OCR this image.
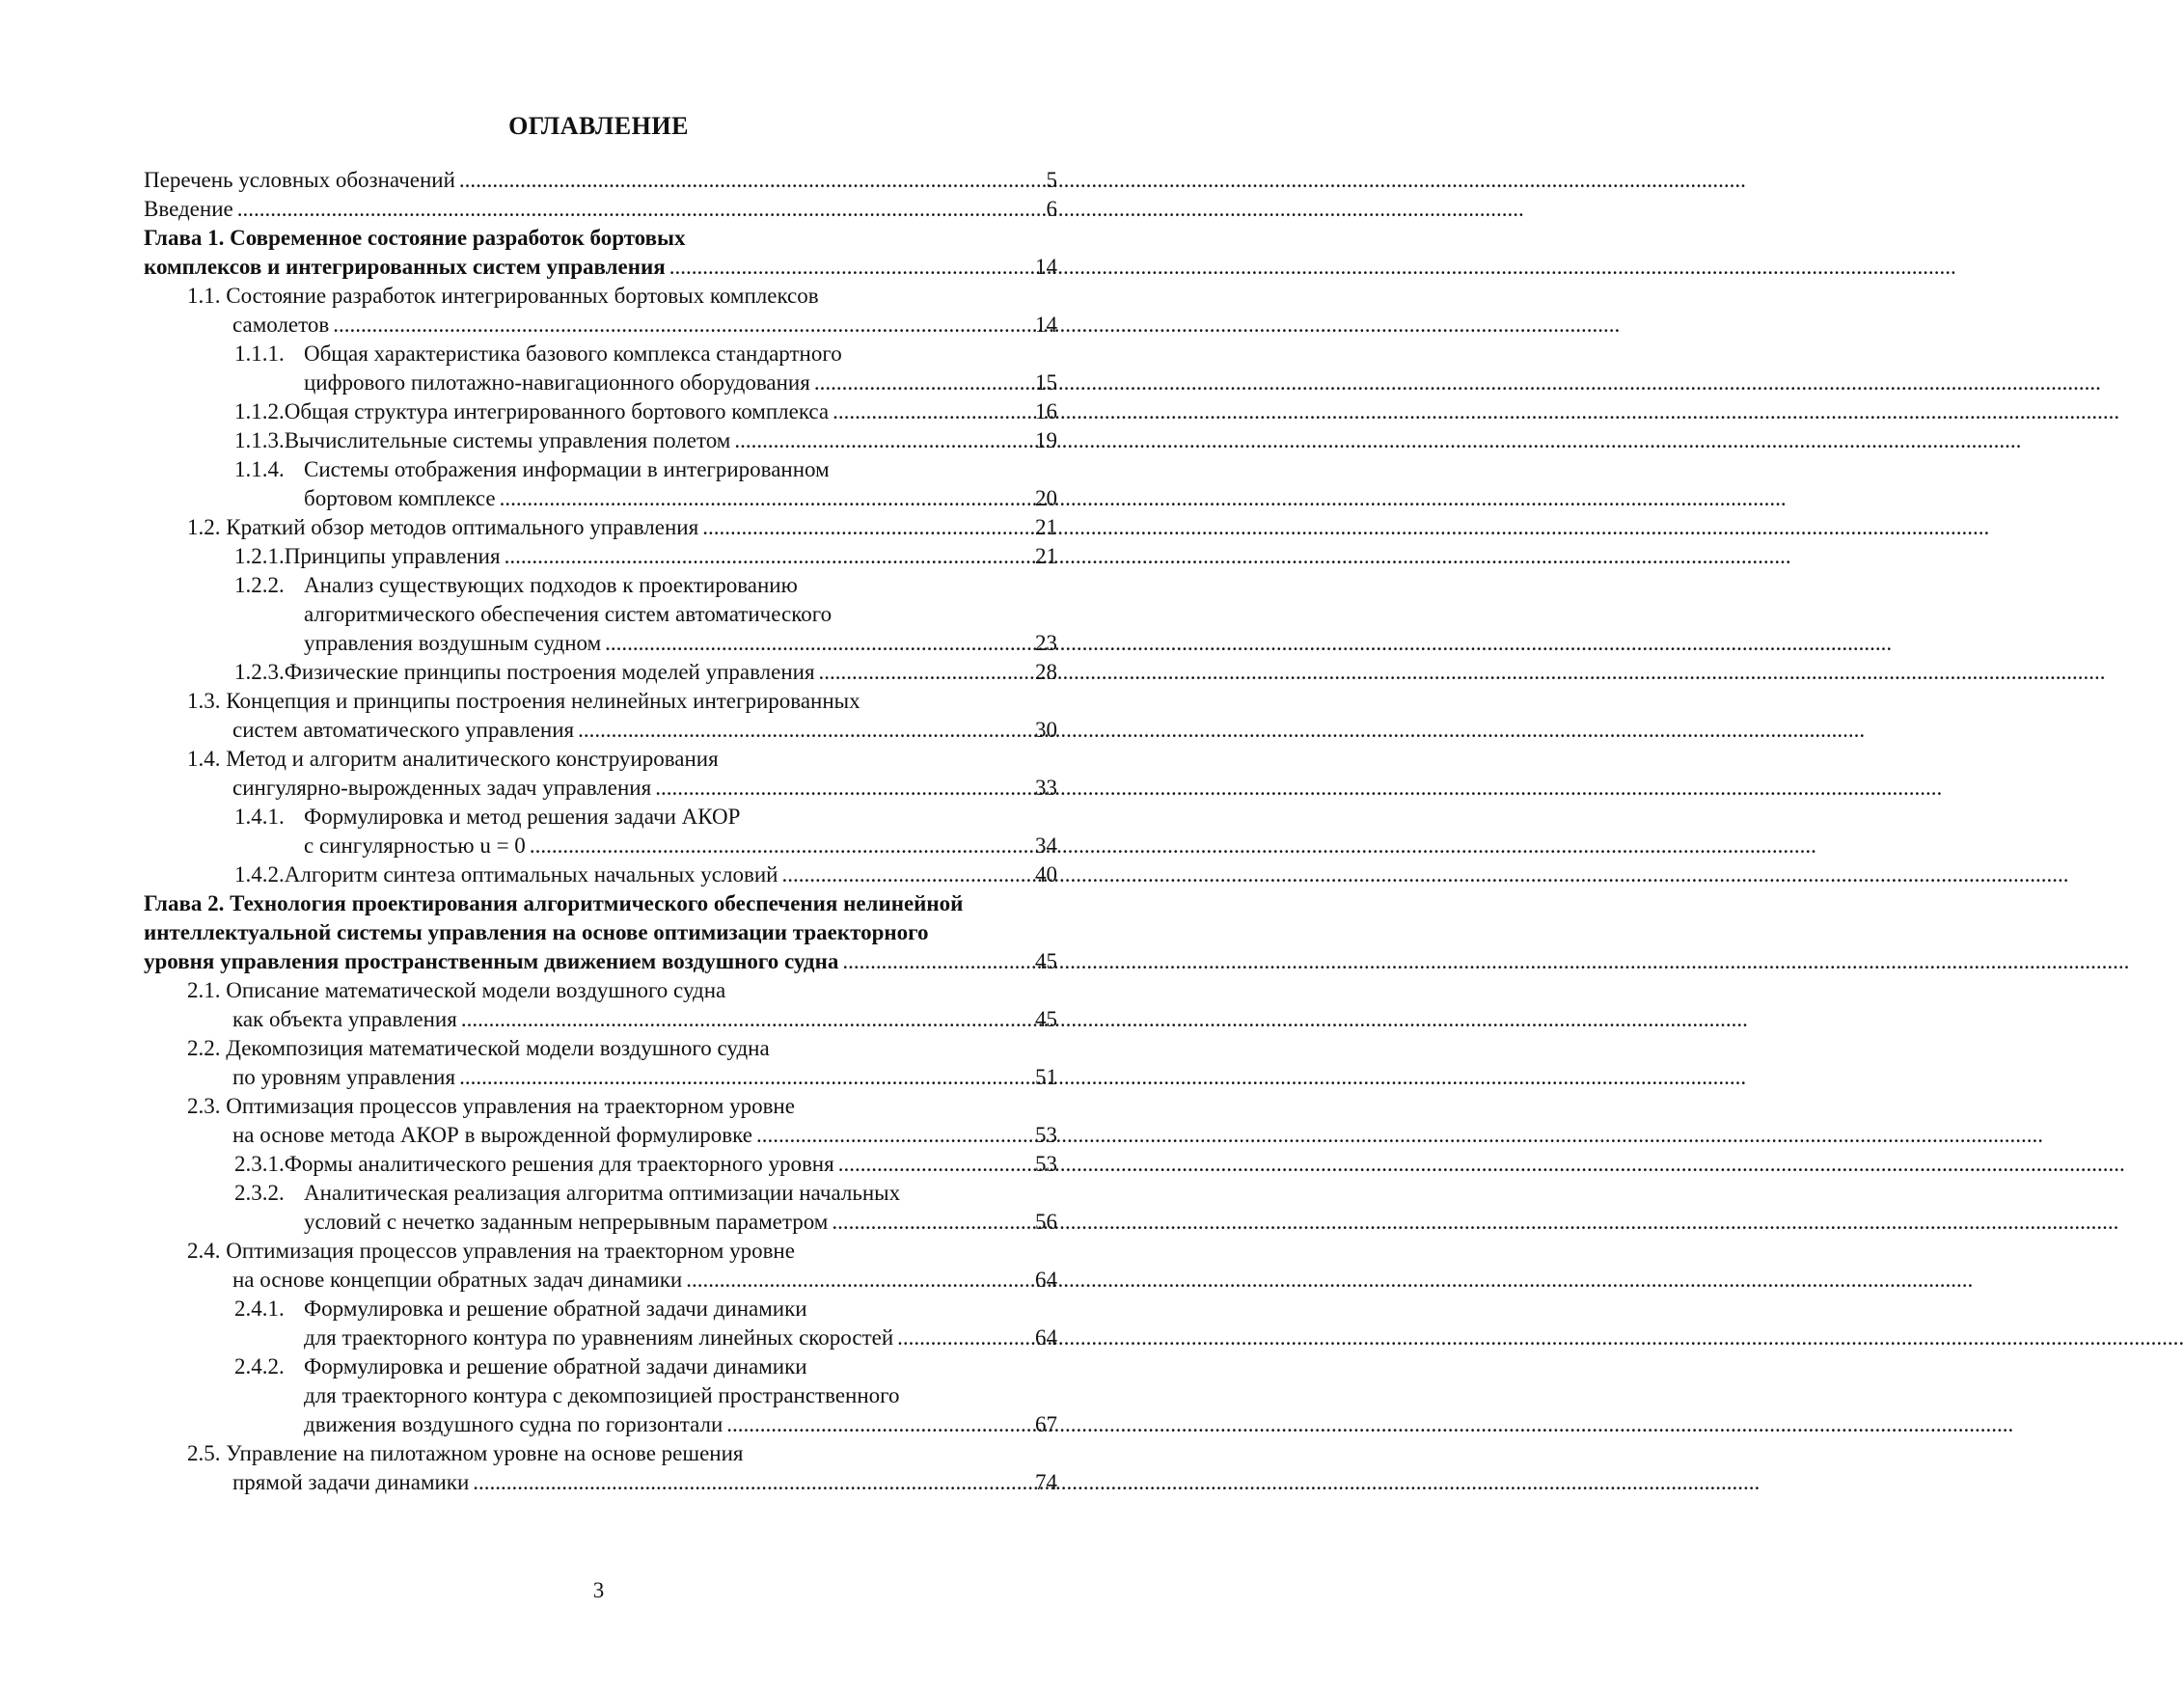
ОГЛАВЛЕНИЕ
Перечень условных обозначений .....	5
Введение .....	6
Глава 1. Современное состояние разработок бортовых
комплексов и интегрированных систем управления .....	14
1.1. Состояние разработок интегрированных бортовых комплексов
самолетов .....	14
1.1.1. Общая характеристика базового комплекса стандартного
цифрового пилотажно-навигационного оборудования .....	15
1.1.2. Общая структура интегрированного бортового комплекса .....	16
1.1.3. Вычислительные системы управления полетом .....	19
1.1.4. Системы отображения информации в интегрированном
бортовом комплексе .....	20
1.2. Краткий обзор методов оптимального управления .....	21
1.2.1. Принципы управления .....	21
1.2.2. Анализ существующих подходов к проектированию
алгоритмического обеспечения систем автоматического
управления воздушным судном .....	23
1.2.3. Физические принципы построения моделей управления .....	28
1.3. Концепция и принципы построения нелинейных интегрированных
систем автоматического управления .....	30
1.4. Метод и алгоритм аналитического конструирования
сингулярно-вырожденных задач управления .....	33
1.4.1. Формулировка и метод решения задачи АКОР
с сингулярностью u = 0 .....	34
1.4.2. Алгоритм синтеза оптимальных начальных условий .....	40
Глава 2. Технология проектирования алгоритмического обеспечения нелинейной
интеллектуальной системы управления на основе оптимизации траекторного
уровня управления пространственным движением воздушного судна .....	45
2.1. Описание математической модели воздушного судна
как объекта управления .....	45
2.2. Декомпозиция математической модели воздушного судна
по уровням управления .....	51
2.3. Оптимизация процессов управления на траекторном уровне
на основе метода АКОР в вырожденной формулировке .....	53
2.3.1. Формы аналитического решения для траекторного уровня .....	53
2.3.2. Аналитическая реализация алгоритма оптимизации начальных
условий с нечетко заданным непрерывным параметром .....	56
2.4. Оптимизация процессов управления на траекторном уровне
на основе концепции обратных задач динамики .....	64
2.4.1. Формулировка и решение обратной задачи динамики
для траекторного контура по уравнениям линейных скоростей .....	64
2.4.2. Формулировка и решение обратной задачи динамики
для траекторного контура с декомпозицией пространственного
движения воздушного судна по горизонтали .....	67
2.5. Управление на пилотажном уровне на основе решения
прямой задачи динамики .....	74
3
